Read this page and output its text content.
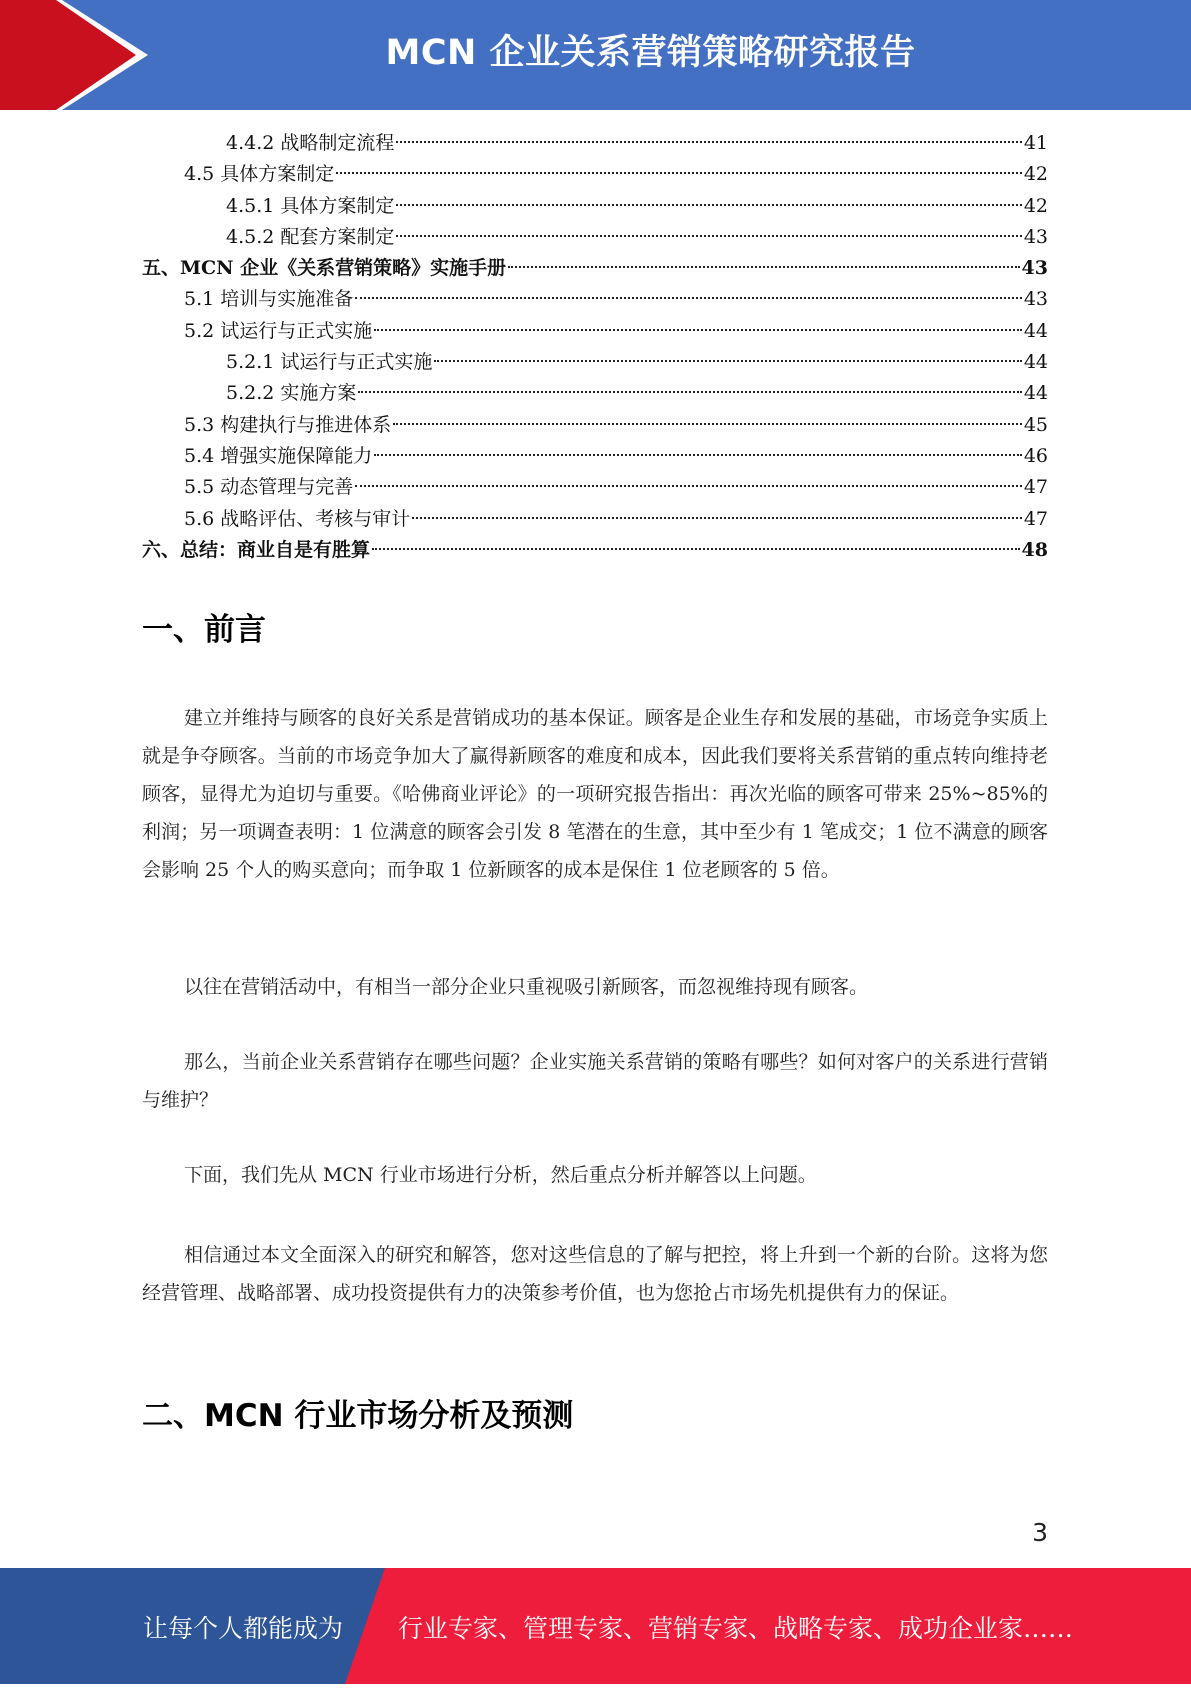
MCN 企业关系营销策略研究报告
4.4.2 战略制定流程	41
4.5 具体方案制定	42
4.5.1 具体方案制定	42
4.5.2 配套方案制定	43
五、MCN 企业《关系营销策略》实施手册	43
5.1 培训与实施准备	43
5.2 试运行与正式实施	44
5.2.1 试运行与正式实施	44
5.2.2 实施方案	44
5.3 构建执行与推进体系	45
5.4 增强实施保障能力	46
5.5 动态管理与完善	47
5.6 战略评估、考核与审计	47
六、总结：商业自是有胜算	48
一、前言
建立并维持与顾客的良好关系是营销成功的基本保证。顾客是企业生存和发展的基础，市场竞争实质上就是争夺顾客。当前的市场竞争加大了赢得新顾客的难度和成本，因此我们要将关系营销的重点转向维持老顾客，显得尤为迫切与重要。《哈佛商业评论》的一项研究报告指出：再次光临的顾客可带来 25%~85%的利润；另一项调查表明：1 位满意的顾客会引发 8 笔潜在的生意，其中至少有 1 笔成交；1 位不满意的顾客会影响 25 个人的购买意向；而争取 1 位新顾客的成本是保住 1 位老顾客的 5 倍。
以往在营销活动中，有相当一部分企业只重视吸引新顾客，而忽视维持现有顾客。
那么，当前企业关系营销存在哪些问题？企业实施关系营销的策略有哪些？如何对客户的关系进行营销与维护？
下面，我们先从 MCN 行业市场进行分析，然后重点分析并解答以上问题。
相信通过本文全面深入的研究和解答，您对这些信息的了解与把控，将上升到一个新的台阶。这将为您经营管理、战略部署、成功投资提供有力的决策参考价值，也为您抢占市场先机提供有力的保证。
二、MCN 行业市场分析及预测
3
让每个人都能成为 行业专家、管理专家、营销专家、战略专家、成功企业家……
